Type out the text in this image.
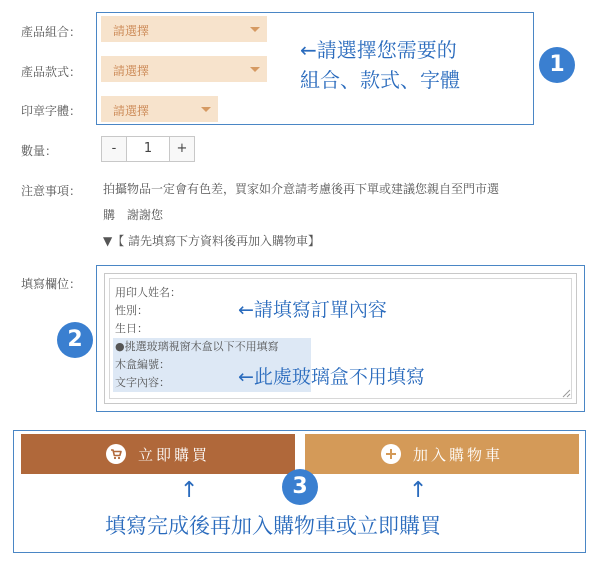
產品組合：	請選擇
產品款式：	請選擇
印章字體：	請選擇
←請選擇您需要的
組合、款式、字體
1
數量：	-	1	+
注意事項： 拍攝物品一定會有色差，買家如介意請考慮後再下單或建議您親自至門市選
購　謝謝您
▼【 請先填寫下方資料後再加入購物車】
填寫欄位：
用印人姓名：
性別：
生日：
●挑選玻璃視窗木盒以下不用填寫
木盒編號：
文字內容：
←請填寫訂單內容
←此處玻璃盒不用填寫
2
立即購買	加入購物車
↑	↑
3
填寫完成後再加入購物車或立即購買
